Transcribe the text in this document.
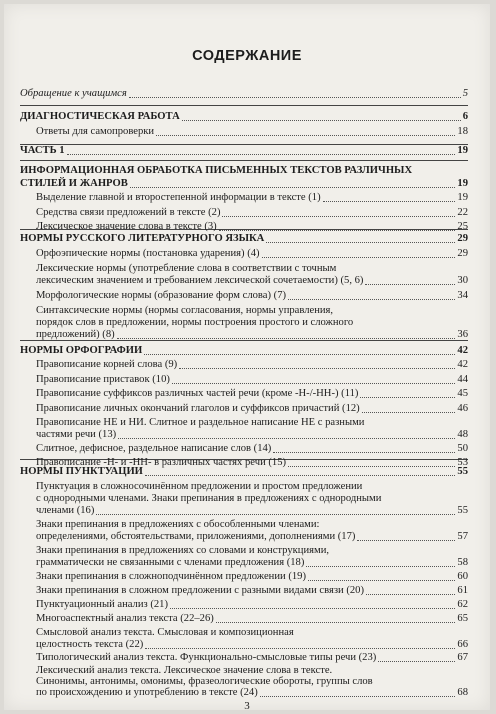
СОДЕРЖАНИЕ
Обращение к учащимся	5
ДИАГНОСТИЧЕСКАЯ РАБОТА	6
Ответы для самопроверки	18
ЧАСТЬ 1	19
ИНФОРМАЦИОННАЯ ОБРАБОТКА ПИСЬМЕННЫХ ТЕКСТОВ РАЗЛИЧНЫХ
СТИЛЕЙ И ЖАНРОВ	19
Выделение главной и второстепенной информации в тексте (1)	19
Средства связи предложений в тексте (2)	22
Лексическое значение слова в тексте (3)	25
НОРМЫ РУССКОГО ЛИТЕРАТУРНОГО ЯЗЫКА	29
Орфоэпические нормы (постановка ударения) (4)	29
Лексические нормы (употребление слова в соответствии с точным
лексическим значением и требованием лексической сочетаемости) (5, 6)	30
Морфологические нормы (образование форм слова) (7)	34
Синтаксические нормы (нормы согласования, нормы управления,
порядок слов в предложении, нормы построения простого и сложного
предложений) (8)	36
НОРМЫ ОРФОГРАФИИ	42
Правописание корней слова (9)	42
Правописание приставок (10)	44
Правописание суффиксов различных частей речи (кроме -Н-/-НН-) (11)	45
Правописание личных окончаний глаголов и суффиксов причастий (12)	46
Правописание НЕ и НИ. Слитное и раздельное написание НЕ с разными
частями речи (13)	48
Слитное, дефисное, раздельное написание слов (14)	50
Правописание -Н- и -НН- в различных частях речи (15)	53
НОРМЫ ПУНКТУАЦИИ	55
Пунктуация в сложносочинённом предложении и простом предложении
с однородными членами. Знаки препинания в предложениях с однородными
членами (16)	55
Знаки препинания в предложениях с обособленными членами:
определениями, обстоятельствами, приложениями, дополнениями (17)	57
Знаки препинания в предложениях со словами и конструкциями,
грамматически не связанными с членами предложения (18)	58
Знаки препинания в сложноподчинённом предложении (19)	60
Знаки препинания в сложном предложении с разными видами связи (20)	61
Пунктуационный анализ (21)	62
Многоаспектный анализ текста (22–26)	65
Смысловой анализ текста. Смысловая и композиционная
целостность текста (22)	66
Типологический анализ текста. Функционально-смысловые типы речи (23)	67
Лексический анализ текста. Лексическое значение слова в тексте.
Синонимы, антонимы, омонимы, фразеологические обороты, группы слов
по происхождению и употреблению в тексте (24)	68
3
